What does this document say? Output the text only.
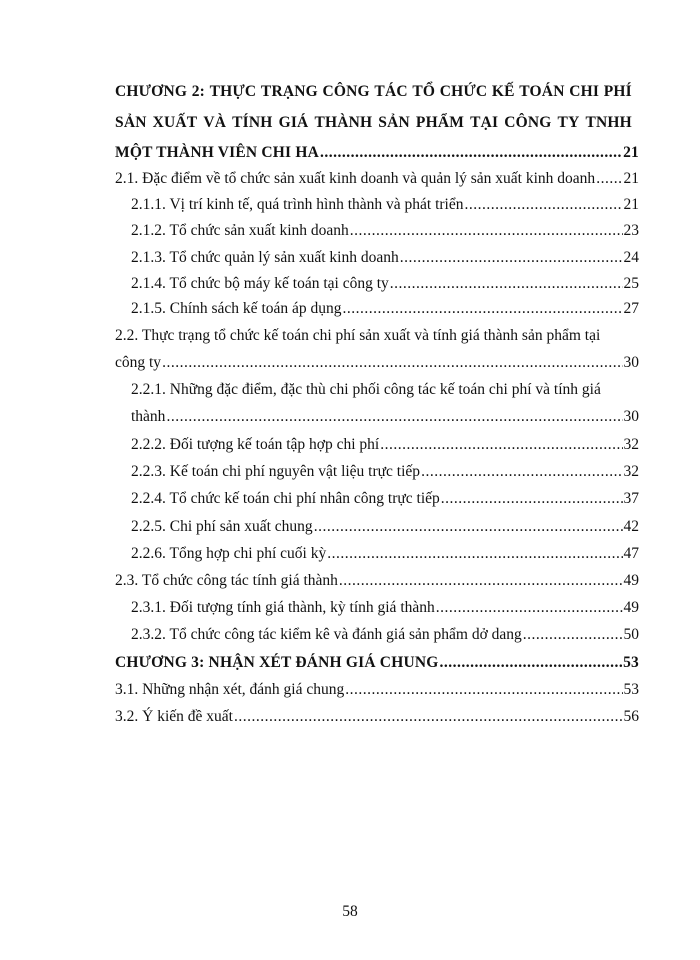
CHƯƠNG 2: THỰC TRẠNG CÔNG TÁC TỔ CHỨC KẾ TOÁN CHI PHÍ
SẢN XUẤT VÀ TÍNH GIÁ THÀNH SẢN PHẨM TẠI CÔNG TY TNHH
MỘT THÀNH VIÊN CHI HA .....	21
2.1. Đặc điểm về tổ chức sản xuất kinh doanh và quản lý sản xuất kinh doanh ..... 21
2.1.1. Vị trí kinh tế, quá trình hình thành và phát triển .....	21
2.1.2. Tổ chức sản xuất kinh doanh .....	23
2.1.3. Tổ chức quản lý sản xuất kinh doanh .....	24
2.1.4. Tổ chức bộ máy kế toán tại công ty .....	25
2.1.5. Chính sách kế toán áp dụng .....	27
2.2. Thực trạng tổ chức kế toán chi phí sản xuất và tính giá thành sản phẩm tại
công ty .....	30
2.2.1. Những đặc điểm, đặc thù chi phối công tác kế toán chi phí và tính giá
thành .....	30
2.2.2. Đối tượng kế toán tập hợp chi phí .....	32
2.2.3. Kế toán chi phí nguyên vật liệu trực tiếp .....	32
2.2.4. Tổ chức kế toán chi phí nhân công trực tiếp .....	37
2.2.5. Chi phí sản xuất chung .....	42
2.2.6. Tổng hợp chi phí cuối kỳ .....	47
2.3. Tổ chức công tác tính giá thành .....	49
2.3.1. Đối tượng tính giá thành, kỳ tính giá thành .....	49
2.3.2. Tổ chức công tác kiểm kê và đánh giá sản phẩm dở dang .....	50
CHƯƠNG 3: NHẬN XÉT ĐÁNH GIÁ CHUNG .....	53
3.1. Những nhận xét, đánh giá chung .....	53
3.2. Ý kiến đề xuất .....	56
58
